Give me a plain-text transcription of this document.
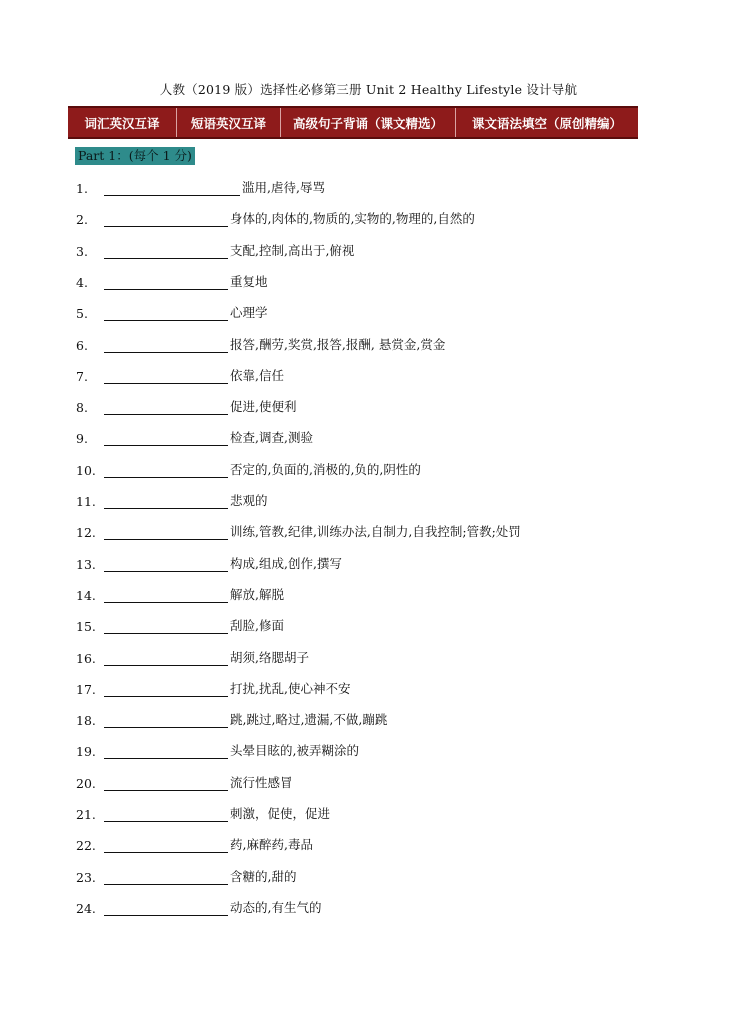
人教（2019 版）选择性必修第三册 Unit 2 Healthy Lifestyle 设计导航
词汇英汉互译	短语英汉互译	高级句子背诵（课文精选）	课文语法填空（原创精编）
Part 1：(每个 1 分)
1.	滥用,虐待,辱骂
2.	身体的,肉体的,物质的,实物的,物理的,自然的
3.	支配,控制,高出于,俯视
4.	重复地
5.	心理学
6.	报答,酬劳,奖赏,报答,报酬, 悬赏金,赏金
7.	依靠,信任
8.	促进,使便利
9.	检查,调查,测验
10.	否定的,负面的,消极的,负的,阴性的
11.	悲观的
12.	训练,管教,纪律,训练办法,自制力,自我控制;管教;处罚
13.	构成,组成,创作,撰写
14.	解放,解脱
15.	刮脸,修面
16.	胡须,络腮胡子
17.	打扰,扰乱,使心神不安
18.	跳,跳过,略过,遗漏,不做,蹦跳
19.	头晕目眩的,被弄糊涂的
20.	流行性感冒
21.	刺激，促使，促进
22.	药,麻醉药,毒品
23.	含糖的,甜的
24.	动态的,有生气的
